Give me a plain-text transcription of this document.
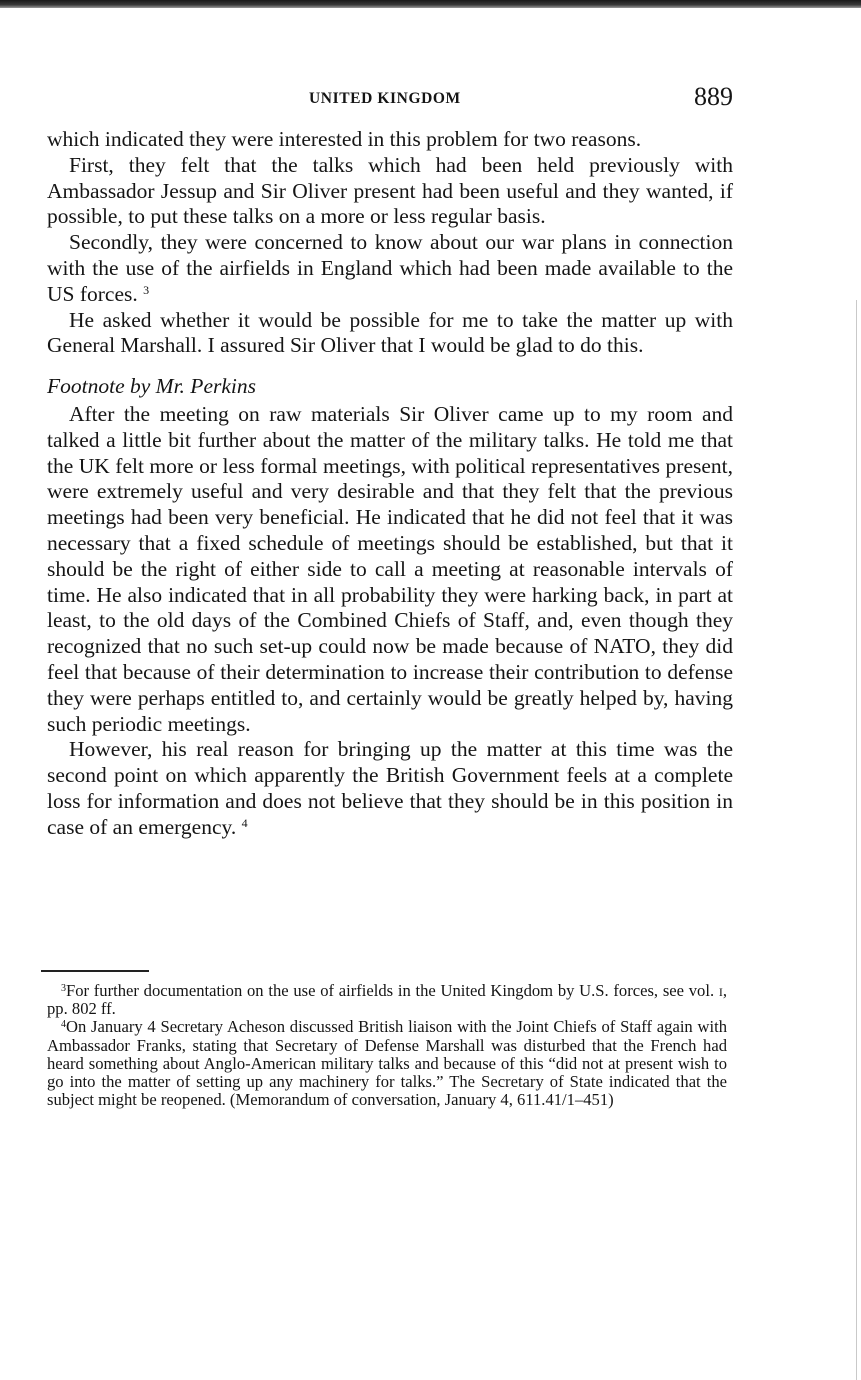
UNITED KINGDOM	889

which indicated they were interested in this problem for two reasons.

First, they felt that the talks which had been held previously with Ambassador Jessup and Sir Oliver present had been useful and they wanted, if possible, to put these talks on a more or less regular basis.

Secondly, they were concerned to know about our war plans in connection with the use of the airfields in England which had been made available to the US forces. $^3$

He asked whether it would be possible for me to take the matter up with General Marshall. I assured Sir Oliver that I would be glad to do this.

Footnote by Mr. Perkins

After the meeting on raw materials Sir Oliver came up to my room and talked a little bit further about the matter of the military talks. He told me that the UK felt more or less formal meetings, with political representatives present, were extremely useful and very desirable and that they felt that the previous meetings had been very beneficial. He indicated that he did not feel that it was necessary that a fixed schedule of meetings should be established, but that it should be the right of either side to call a meeting at reasonable intervals of time. He also indicated that in all probability they were harking back, in part at least, to the old days of the Combined Chiefs of Staff, and, even though they recognized that no such set-up could now be made because of NATO, they did feel that because of their determination to increase their contribution to defense they were perhaps entitled to, and certainly would be greatly helped by, having such periodic meetings.

However, his real reason for bringing up the matter at this time was the second point on which apparently the British Government feels at a complete loss for information and does not believe that they should be in this position in case of an emergency. $^4$

$^3$For further documentation on the use of airfields in the United Kingdom by U.S. forces, see vol. i, pp. 802 ff.

$^4$On January 4 Secretary Acheson discussed British liaison with the Joint Chiefs of Staff again with Ambassador Franks, stating that Secretary of Defense Marshall was disturbed that the French had heard something about Anglo-American military talks and because of this “did not at present wish to go into the matter of setting up any machinery for talks.” The Secretary of State indicated that the subject might be reopened. (Memorandum of conversation, January 4, 611.41/1–451)
